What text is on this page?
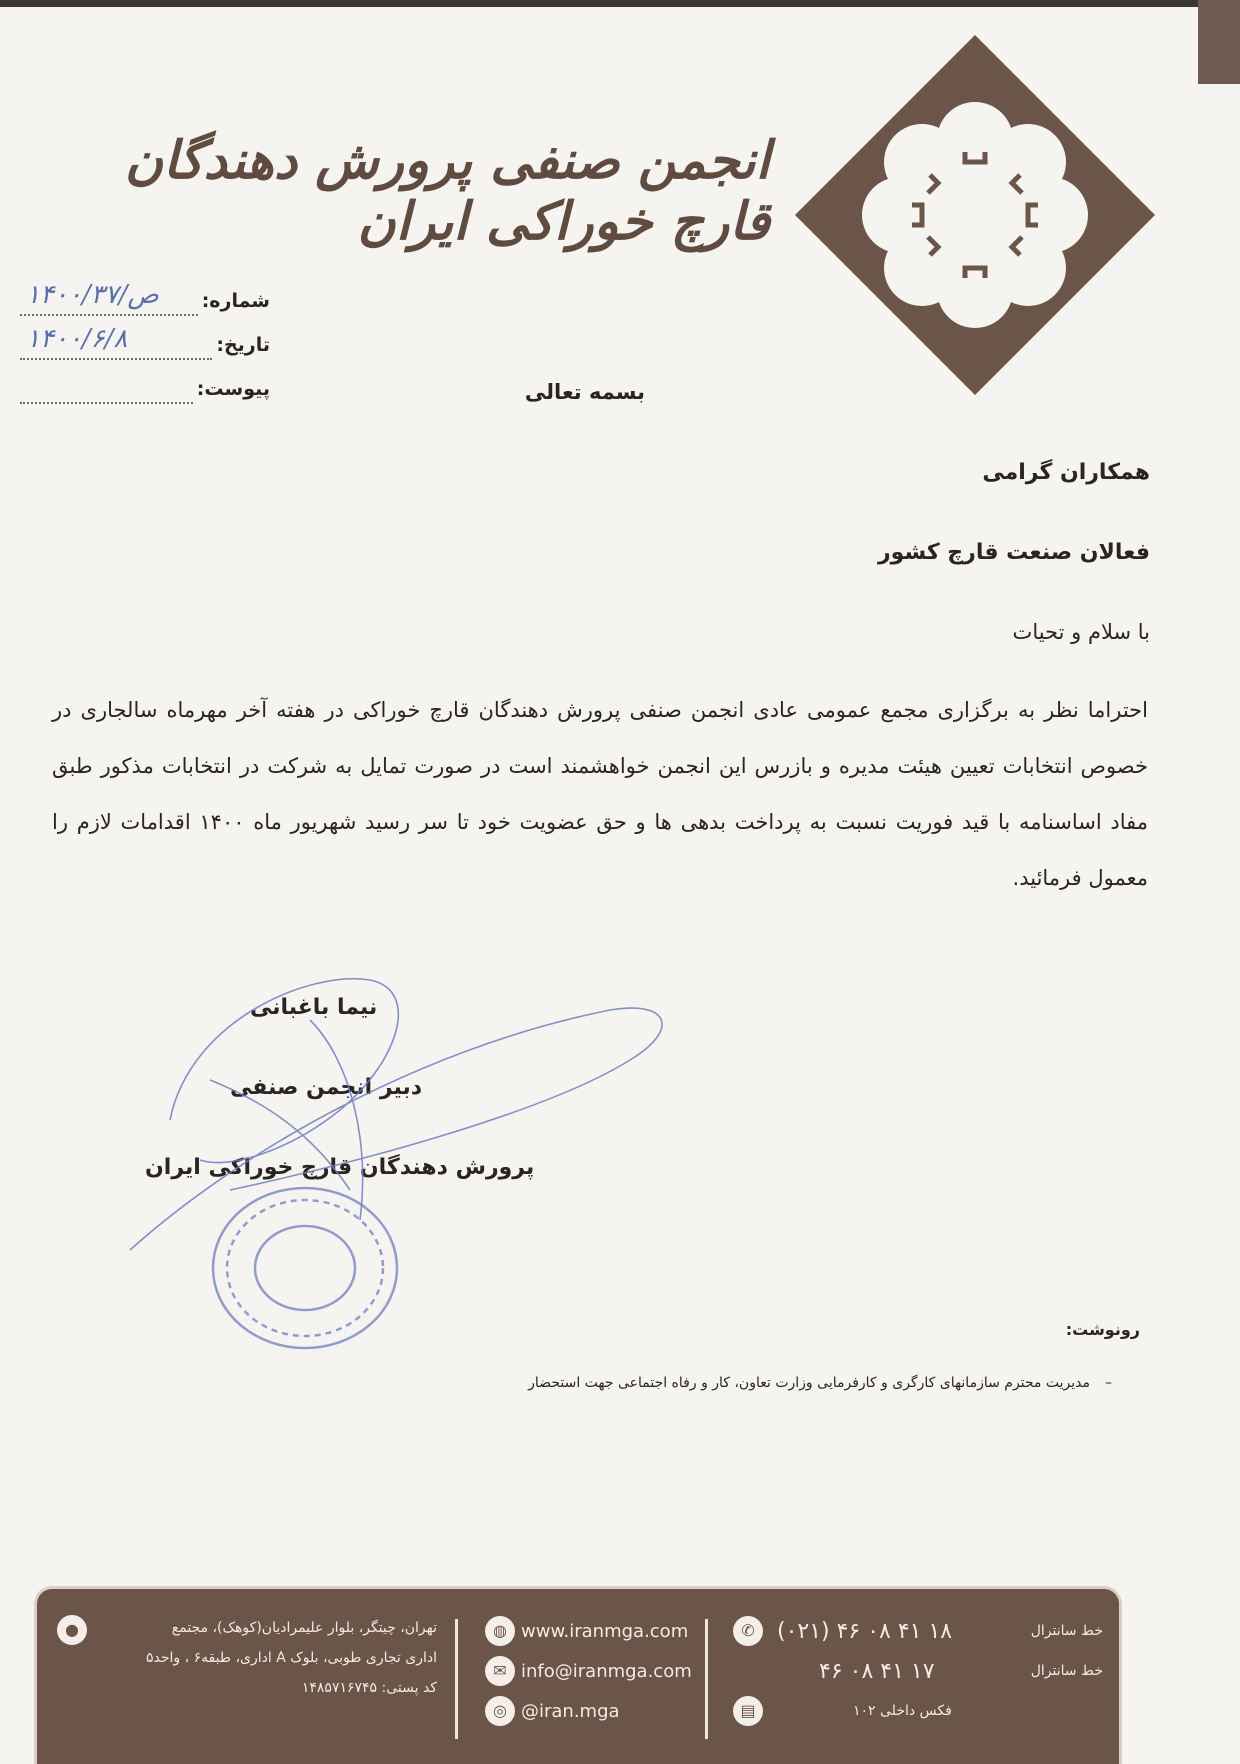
انجمن صنفی پرورش دهندگان قارچ خوراکی ایران
شماره:
۱۴۰۰/ص/۳۷
تاریخ:
۱۴۰۰/۶/۸
پیوست:	بسمه تعالی
همکاران گرامی
فعالان صنعت قارچ کشور
با سلام و تحیات
احتراما نظر به برگزاری مجمع عمومی عادی انجمن صنفی پرورش دهندگان قارچ خوراکی در هفته آخر مهرماه سالجاری در خصوص انتخابات تعیین هیئت مدیره و بازرس این انجمن خواهشمند است در صورت تمایل به شرکت در انتخابات مذکور طبق مفاد اساسنامه با قید فوریت نسبت به پرداخت بدهی ها و حق عضویت خود تا سر رسید شهریور ماه ۱۴۰۰ اقدامات لازم را معمول فرمائید.
نیما باغبانی
دبیر انجمن صنفی
پرورش دهندگان قارچ خوراکی ایران
رونوشت:
–
مدیریت محترم سازمانهای کارگری و کارفرمایی وزارت تعاون، کار و رفاه اجتماعی جهت استحضار
●	تهران، چیتگر، بلوار علیمرادیان(کوهک)، مجتمع
اداری تجاری طوبی، بلوک A اداری، طبقه۶ ، واحد۵
کد پستی: ۱۴۸۵۷۱۶۷۴۵
◍ www.iranmga.com
✉ info@iranmga.com
◎ @iran.mga
✆	(۰۲۱) ۴۶ ۰۸ ۴۱ ۱۸	خط سانترال
۴۶ ۰۸ ۴۱ ۱۷	خط سانترال
▤	فکس داخلی ۱۰۲
